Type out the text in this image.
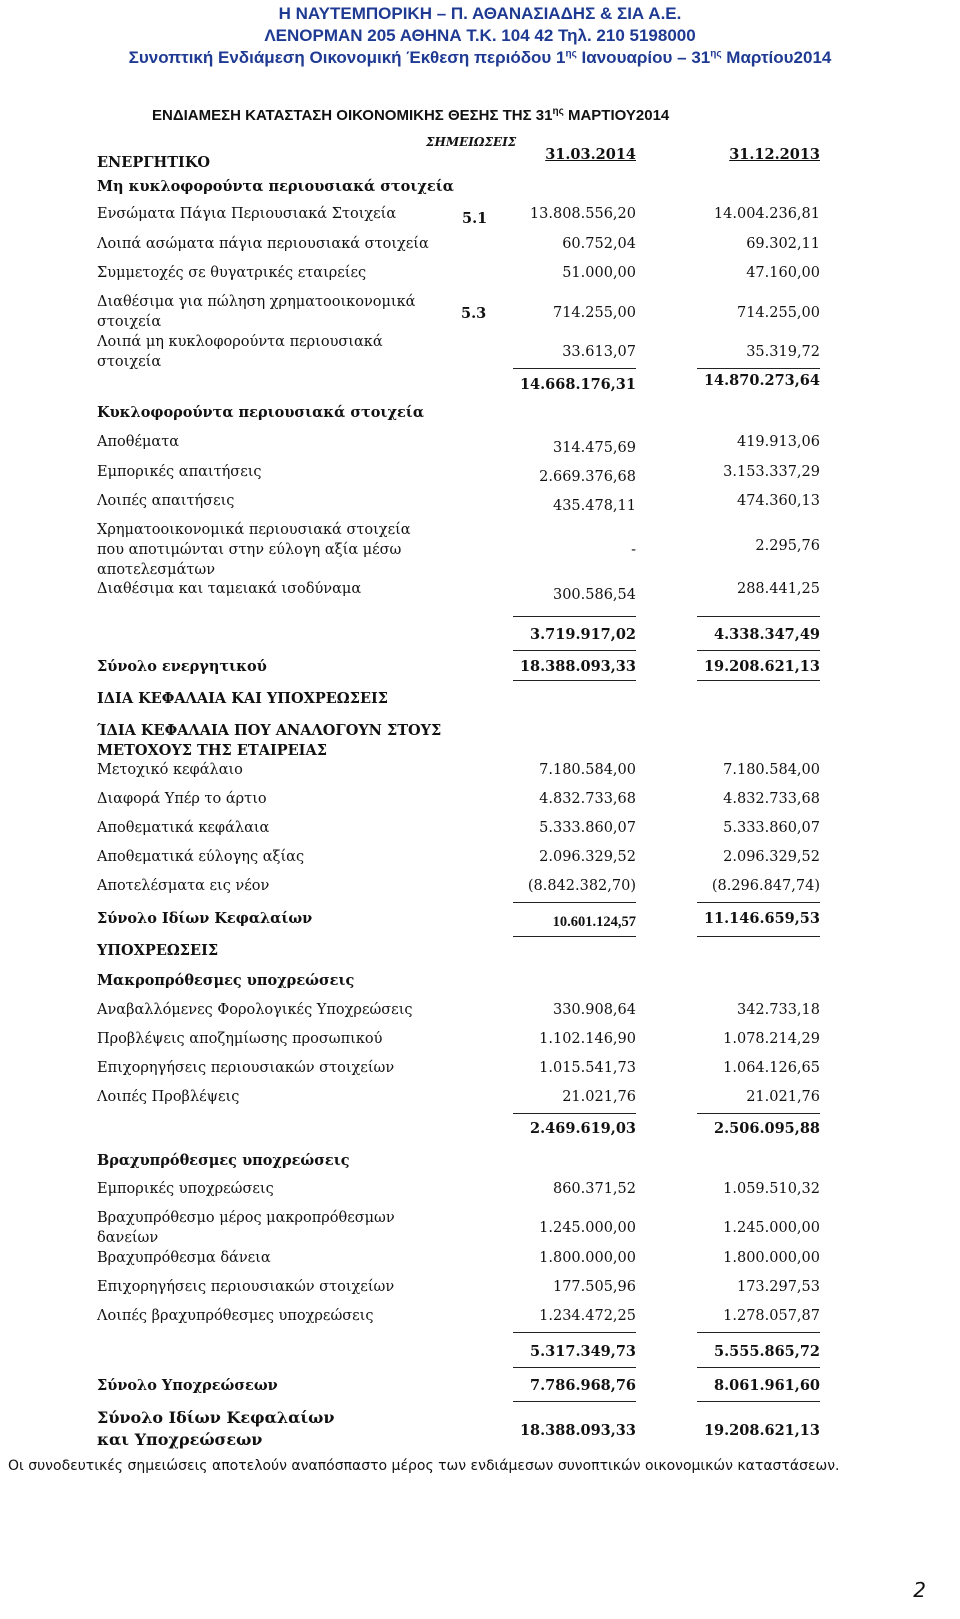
Η ΝΑΥΤΕΜΠΟΡΙΚΗ – Π. ΑΘΑΝΑΣΙΑΔΗΣ & ΣΙΑ Α.Ε.
ΛΕΝΟΡΜΑΝ 205 ΑΘΗΝΑ Τ.Κ. 104 42 Τηλ. 210 5198000
Συνοπτική Ενδιάμεση Οικονομική Έκθεση περιόδου $1^{\eta\varsigma}$ Ιανουαρίου – $31^{\eta\varsigma}$ Μαρτίου2014
ΕΝΔΙΑΜΕΣΗ ΚΑΤΑΣΤΑΣΗ ΟΙΚΟΝΟΜΙΚΗΣ ΘΕΣΗΣ ΤΗΣ $31^{\eta\varsigma}$ ΜΑΡΤΙΟΥ2014
ΣΗΜΕΙΩΣΕΙΣ
31.03.2014	31.12.2013
ΕΝΕΡΓΗΤΙΚΟ
Μη κυκλοφορούντα περιουσιακά στοιχεία
Ενσώματα Πάγια Περιουσιακά Στοιχεία	5.1	13.808.556,20	14.004.236,81
Λοιπά ασώματα πάγια περιουσιακά στοιχεία	60.752,04	69.302,11
Συμμετοχές σε θυγατρικές εταιρείες	51.000,00	47.160,00
Διαθέσιμα για πώληση χρηματοοικονομικά
στοιχεία	5.3	714.255,00	714.255,00
Λοιπά μη κυκλοφορούντα περιουσιακά
στοιχεία
33.613,07	35.319,72
14.668.176,31	14.870.273,64
Κυκλοφορούντα περιουσιακά στοιχεία
Αποθέματα	314.475,69	419.913,06
Εμπορικές απαιτήσεις	2.669.376,68	3.153.337,29
Λοιπές απαιτήσεις	435.478,11	474.360,13
Χρηματοοικονομικά περιουσιακά στοιχεία
που αποτιμώνται στην εύλογη αξία μέσω
αποτελεσμάτων
-	2.295,76
Διαθέσιμα και ταμειακά ισοδύναμα	300.586,54	288.441,25
3.719.917,02	4.338.347,49
Σύνολο ενεργητικού	18.388.093,33	19.208.621,13
ΙΔΙΑ ΚΕΦΑΛΑΙΑ ΚΑΙ ΥΠΟΧΡΕΩΣΕΙΣ
ΊΔΙΑ ΚΕΦΑΛΑΙΑ ΠΟΥ ΑΝΑΛΟΓΟΥΝ ΣΤΟΥΣ
ΜΕΤΟΧΟΥΣ ΤΗΣ ΕΤΑΙΡΕΙΑΣ
Μετοχικό κεφάλαιο	7.180.584,00	7.180.584,00
Διαφορά Υπέρ το άρτιο	4.832.733,68	4.832.733,68
Αποθεματικά κεφάλαια	5.333.860,07	5.333.860,07
Αποθεματικά εύλογης αξίας	2.096.329,52	2.096.329,52
Αποτελέσματα εις νέον	(8.842.382,70)	(8.296.847,74)
Σύνολο Ιδίων Κεφαλαίων	10.601.124,57	11.146.659,53
ΥΠΟΧΡΕΩΣΕΙΣ
Μακροπρόθεσμες υποχρεώσεις
Αναβαλλόμενες Φορολογικές Υποχρεώσεις	330.908,64	342.733,18
Προβλέψεις αποζημίωσης προσωπικού	1.102.146,90	1.078.214,29
Επιχορηγήσεις περιουσιακών στοιχείων	1.015.541,73	1.064.126,65
Λοιπές Προβλέψεις	21.021,76	21.021,76
2.469.619,03	2.506.095,88
Βραχυπρόθεσμες υποχρεώσεις
Εμπορικές υποχρεώσεις	860.371,52	1.059.510,32
Βραχυπρόθεσμο μέρος μακροπρόθεσμων
δανείων
1.245.000,00	1.245.000,00
Βραχυπρόθεσμα δάνεια	1.800.000,00	1.800.000,00
Επιχορηγήσεις περιουσιακών στοιχείων	177.505,96	173.297,53
Λοιπές βραχυπρόθεσμες υποχρεώσεις	1.234.472,25	1.278.057,87
5.317.349,73	5.555.865,72
Σύνολο Υποχρεώσεων	7.786.968,76	8.061.961,60
Σύνολο Ιδίων Κεφαλαίων
και Υποχρεώσεων	18.388.093,33	19.208.621,13
Οι συνοδευτικές σημειώσεις αποτελούν αναπόσπαστο μέρος των ενδιάμεσων συνοπτικών οικονομικών καταστάσεων.
2
